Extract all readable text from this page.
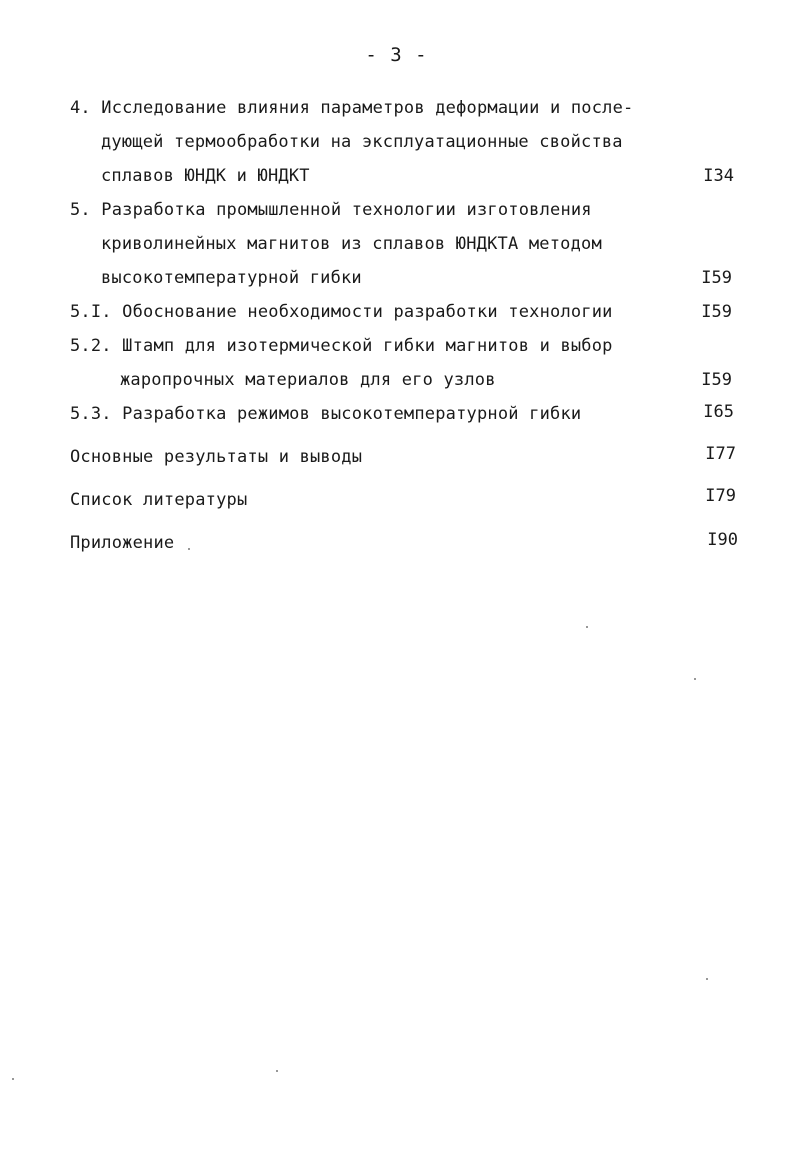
- 3 -
4. Исследование влияния параметров деформации и после-
дующей термообработки на эксплуатационные свойства
сплавов ЮНДК и ЮНДКТ	I34
5. Разработка промышленной технологии изготовления
криволинейных магнитов из сплавов ЮНДКТА методом
высокотемпературной гибки	I59
5.I. Обоснование необходимости разработки технологии	I59
5.2. Штамп для изотермической гибки магнитов и выбор
жаропрочных материалов для его узлов	I59
5.3. Разработка режимов высокотемпературной гибки	I65
Основные результаты и выводы	I77
Список литературы	I79
Приложение	I90
